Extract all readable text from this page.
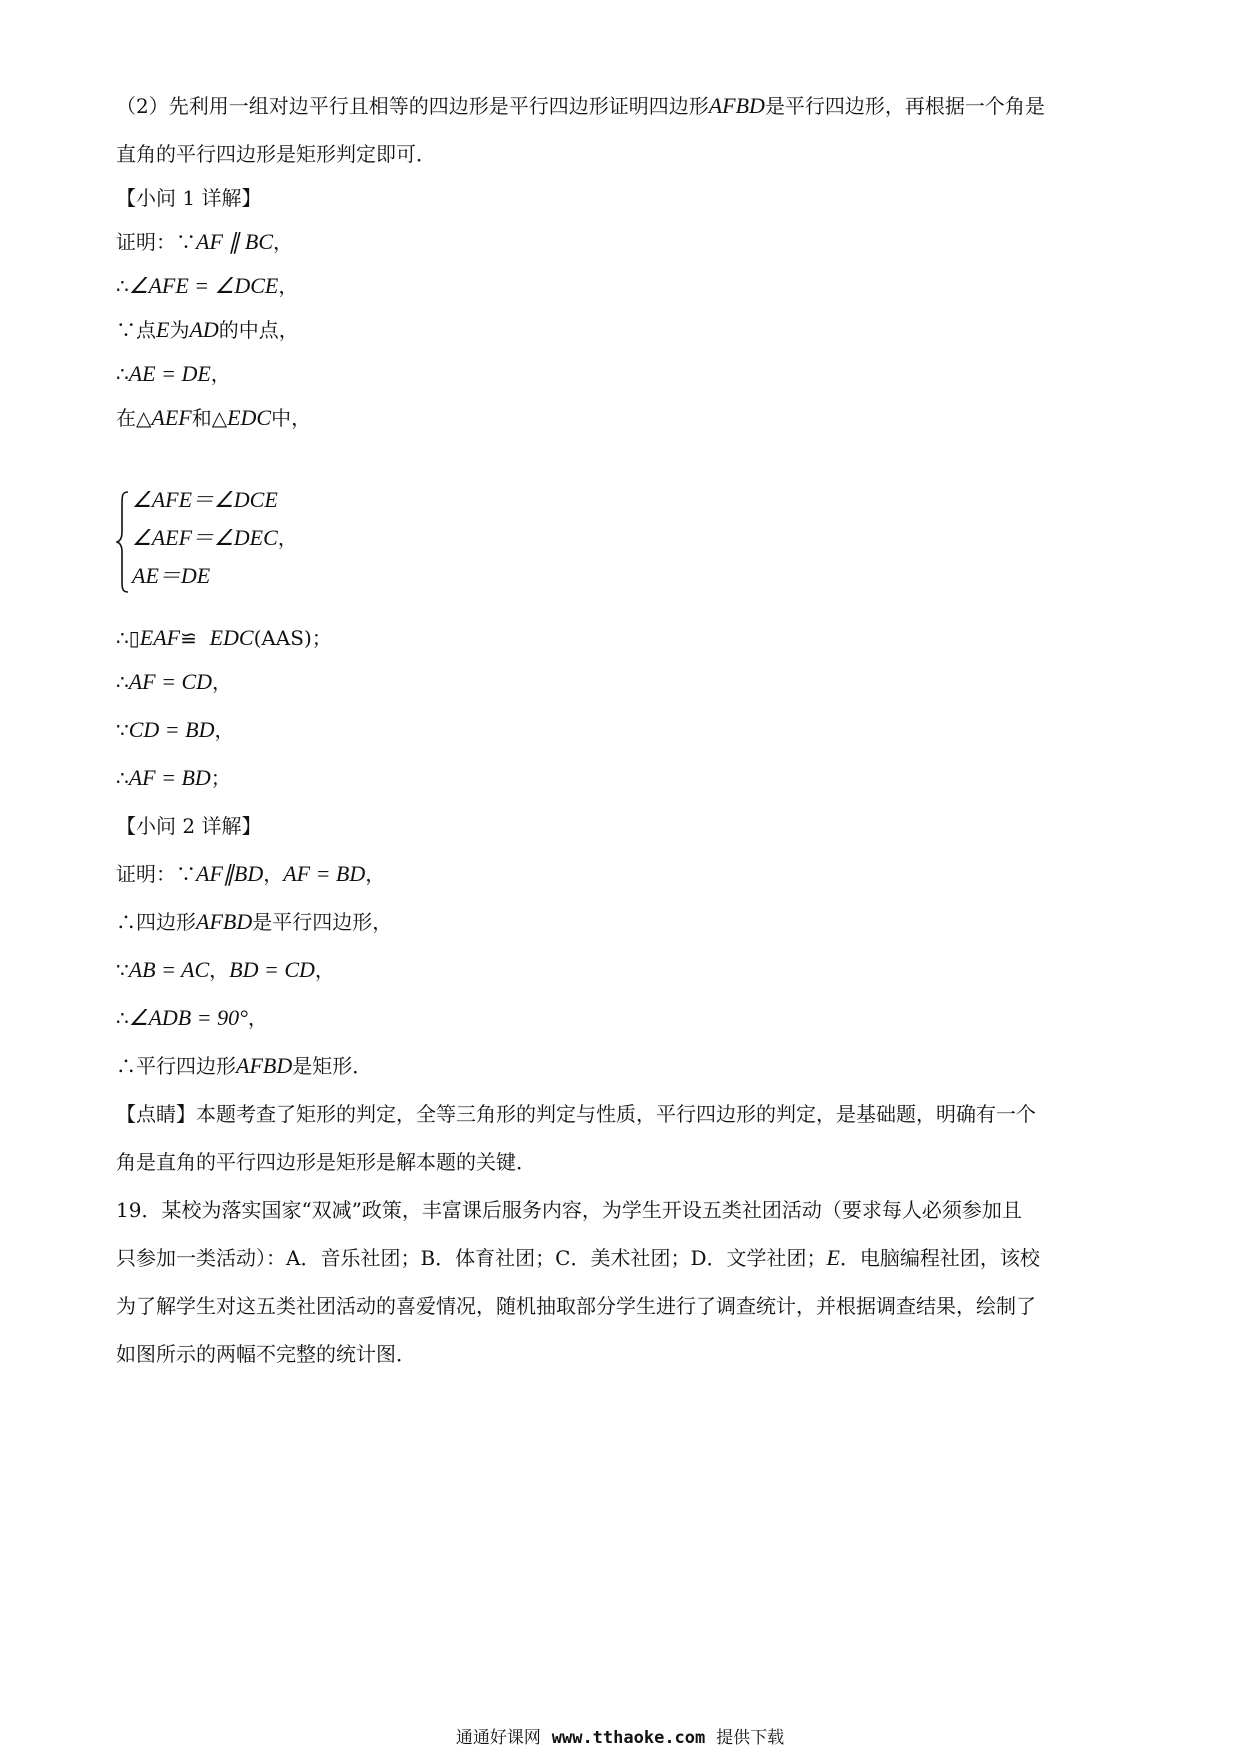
（2）先利用一组对边平行且相等的四边形是平行四边形证明四边形AFBD是平行四边形，再根据一个角是
直角的平行四边形是矩形判定即可．
【小问 1 详解】
证明：∵AF ∥ BC，
∴∠AFE = ∠DCE，
∵点E为AD的中点，
∴AE = DE，
在△AEF和△EDC中，
∠AFE＝∠DCE
∠AEF＝∠DEC，
AE＝DE
∴▯EAF≌ EDC(AAS)；
∴AF = CD，
∵CD = BD，
∴AF = BD；
【小问 2 详解】
证明：∵AF∥BD，AF = BD，
∴四边形AFBD是平行四边形，
∵AB = AC，BD = CD，
∴∠ADB = 90°，
∴平行四边形AFBD是矩形．
【点睛】本题考查了矩形的判定，全等三角形的判定与性质，平行四边形的判定，是基础题，明确有一个
角是直角的平行四边形是矩形是解本题的关键．
19．某校为落实国家“双减”政策，丰富课后服务内容，为学生开设五类社团活动（要求每人必须参加且
只参加一类活动）：A．音乐社团；B．体育社团；C．美术社团；D．文学社团；E．电脑编程社团，该校
为了解学生对这五类社团活动的喜爱情况，随机抽取部分学生进行了调查统计，并根据调查结果，绘制了
如图所示的两幅不完整的统计图．
通通好课网 www.tthaoke.com 提供下载
